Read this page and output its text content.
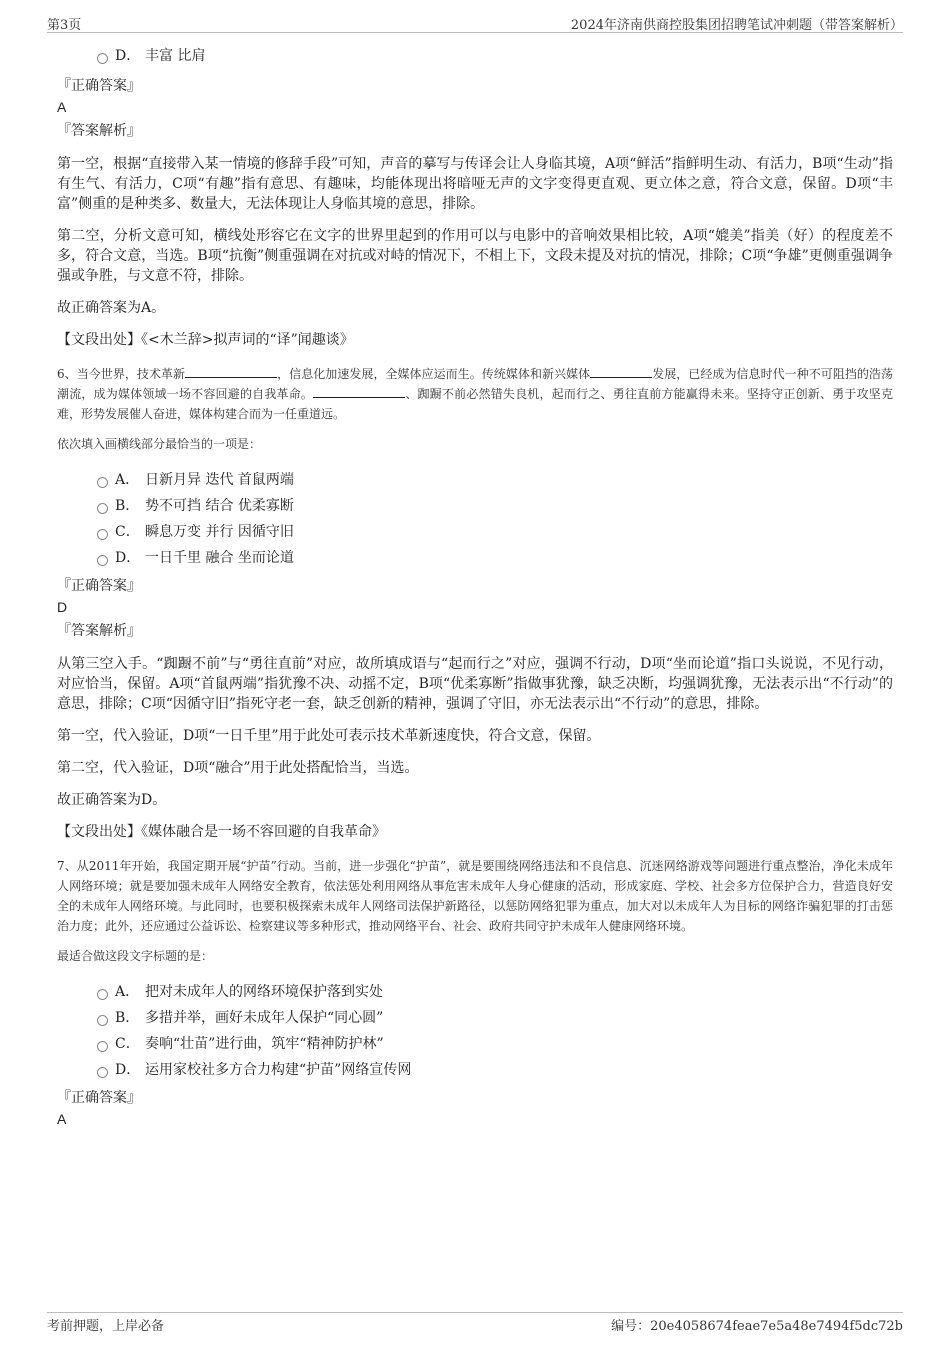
第3页	2024年济南供商控股集团招聘笔试冲刺题（带答案解析）
D． 丰富 比肩
『正确答案』
A
『答案解析』

第一空，根据“直接带入某一情境的修辞手段”可知，声音的摹写与传译会让人身临其境，A项“鲜活”指鲜明生动、有活力，B项“生动”指有生气、有活力，C项“有趣”指有意思、有趣味，均能体现出将暗哑无声的文字变得更直观、更立体之意，符合文意，保留。D项“丰富”侧重的是种类多、数量大，无法体现让人身临其境的意思，排除。

第二空，分析文意可知，横线处形容它在文字的世界里起到的作用可以与电影中的音响效果相比较，A项“媲美”指美（好）的程度差不多，符合文意，当选。B项“抗衡”侧重强调在对抗或对峙的情况下，不相上下，文段未提及对抗的情况，排除；C项“争雄”更侧重强调争强或争胜，与文意不符，排除。

故正确答案为A。

【文段出处】《<木兰辞>拟声词的“译”闻趣谈》

6、当今世界，技术革新	，信息化加速发展，全媒体应运而生。传统媒体和新兴媒体	发展，已经成为信息时代一种不可阻挡的浩荡潮流，成为媒体领域一场不容回避的自我革命。	、踟蹰不前必然错失良机，起而行之、勇往直前方能赢得未来。坚持守正创新、勇于攻坚克难，形势发展催人奋进，媒体构建合而为一任重道远。

依次填入画横线部分最恰当的一项是：
A． 日新月异 迭代 首鼠两端
B． 势不可挡 结合 优柔寡断
C． 瞬息万变 并行 因循守旧
D． 一日千里 融合 坐而论道
『正确答案』
D
『答案解析』

从第三空入手。“踟蹰不前”与“勇往直前”对应，故所填成语与“起而行之”对应，强调不行动，D项“坐而论道”指口头说说，不见行动，对应恰当，保留。A项“首鼠两端”指犹豫不决、动摇不定，B项“优柔寡断”指做事犹豫，缺乏决断，均强调犹豫，无法表示出“不行动”的意思，排除；C项“因循守旧”指死守老一套，缺乏创新的精神，强调了守旧，亦无法表示出“不行动”的意思，排除。

第一空，代入验证，D项“一日千里”用于此处可表示技术革新速度快，符合文意，保留。

第二空，代入验证，D项“融合”用于此处搭配恰当，当选。

故正确答案为D。

【文段出处】《媒体融合是一场不容回避的自我革命》

7、从2011年开始，我国定期开展“护苗”行动。当前，进一步强化“护苗”，就是要围绕网络违法和不良信息、沉迷网络游戏等问题进行重点整治，净化未成年人网络环境；就是要加强未成年人网络安全教育，依法惩处利用网络从事危害未成年人身心健康的活动，形成家庭、学校、社会多方位保护合力，营造良好安全的未成年人网络环境。与此同时，也要积极探索未成年人网络司法保护新路径，以惩防网络犯罪为重点，加大对以未成年人为目标的网络诈骗犯罪的打击惩治力度；此外，还应通过公益诉讼、检察建议等多种形式，推动网络平台、社会、政府共同守护未成年人健康网络环境。

最适合做这段文字标题的是：
A． 把对未成年人的网络环境保护落到实处
B． 多措并举，画好未成年人保护“同心圆”
C． 奏响“壮苗”进行曲，筑牢“精神防护林”
D． 运用家校社多方合力构建“护苗”网络宣传网
『正确答案』
A
考前押题，上岸必备	编号：20e4058674feae7e5a48e7494f5dc72b
